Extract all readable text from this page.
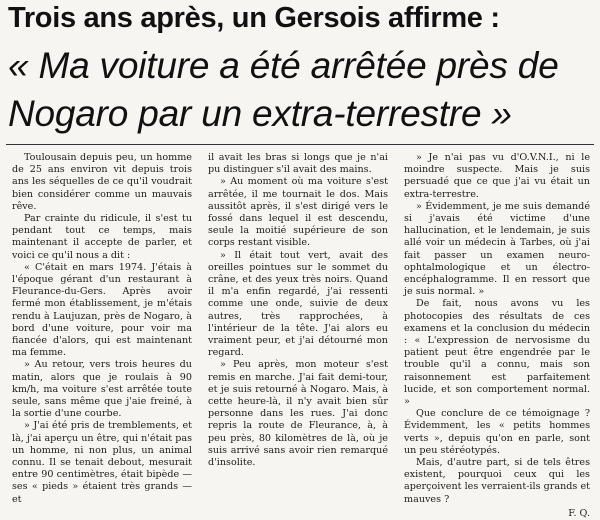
Trois ans après, un Gersois affirme :
« Ma voiture a été arrêtée près de
Nogaro par un extra-terrestre »

Toulousain depuis peu, un homme de 25 ans environ vit depuis trois ans les séquelles de ce qu'il voudrait bien considérer comme un mauvais rêve.

Par crainte du ridicule, il s'est tu pendant tout ce temps, mais maintenant il accepte de parler, et voici ce qu'il nous a dit :

« C'était en mars 1974. J'étais à l'époque gérant d'un restaurant à Fleurance-du-Gers. Après avoir fermé mon établissement, je m'étais rendu à Laujuzan, près de Nogaro, à bord d'une voiture, pour voir ma fiancée d'alors, qui est maintenant ma femme.

» Au retour, vers trois heures du matin, alors que je roulais à 90 km/h, ma voiture s'est arrêtée toute seule, sans même que j'aie freiné, à la sortie d'une courbe.

» J'ai été pris de tremblements, et là, j'ai aperçu un être, qui n'était pas un homme, ni non plus, un animal connu. Il se tenait debout, mesurait entre 90 centimètres, était bipède — ses « pieds » étaient très grands — et

il avait les bras si longs que je n'ai pu distinguer s'il avait des mains.

» Au moment où ma voiture s'est arrêtée, il me tournait le dos. Mais aussitôt après, il s'est dirigé vers le fossé dans lequel il est descendu, seule la moitié supérieure de son corps restant visible.

» Il était tout vert, avait des oreilles pointues sur le sommet du crâne, et des yeux très noirs. Quand il m'a enfin regardé, j'ai ressenti comme une onde, suivie de deux autres, très rapprochées, à l'intérieur de la tête. J'ai alors eu vraiment peur, et j'ai détourné mon regard.

» Peu après, mon moteur s'est remis en marche. J'ai fait demi-tour, et je suis retourné à Nogaro. Mais, à cette heure-là, il n'y avait bien sûr personne dans les rues. J'ai donc repris la route de Fleurance, à, à peu près, 80 kilomètres de là, où je suis arrivé sans avoir rien remarqué d'insolite.

» Je n'ai pas vu d'O.V.N.I., ni le moindre suspecte. Mais je suis persuadé que ce que j'ai vu était un extra-terrestre.

» Évidemment, je me suis demandé si j'avais été victime d'une hallucination, et le lendemain, je suis allé voir un médecin à Tarbes, où j'ai fait passer un examen neuro-ophtalmologique et un électro-encéphalogramme. Il en ressort que je suis normal. »

De fait, nous avons vu les photocopies des résultats de ces examens et la conclusion du médecin : « L'expression de nervosisme du patient peut être engendrée par le trouble qu'il a connu, mais son raisonnement est parfaitement lucide, et son comportement normal. »

Que conclure de ce témoignage ? Évidemment, les « petits hommes verts », depuis qu'on en parle, sont un peu stéréotypés.

Mais, d'autre part, si de tels êtres existent, pourquoi ceux qui les aperçoivent les verraient-ils grands et mauves ?

F. Q.
